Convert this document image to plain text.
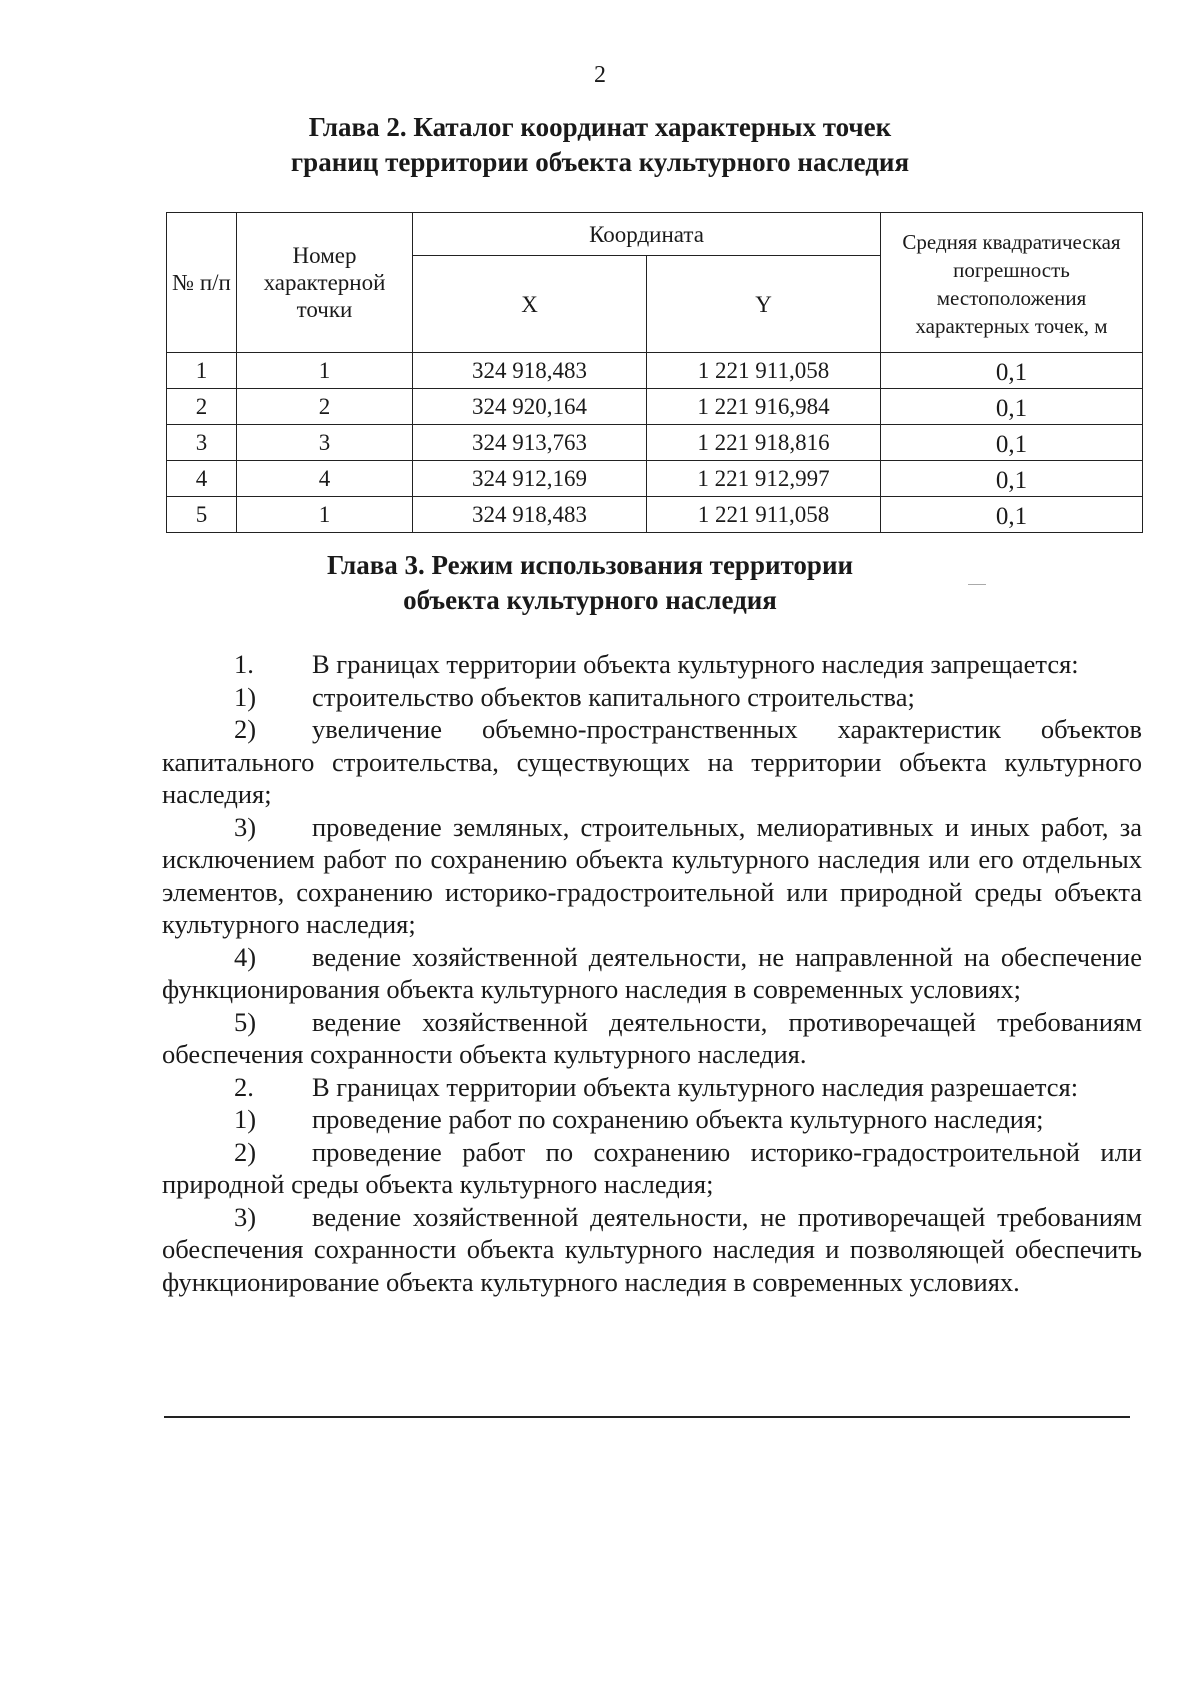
2
Глава 2. Каталог координат характерных точек
границ территории объекта культурного наследия
№ п/п	Номер характерной точки	Координата		Средняя квадратическая погрешность местоположения характерных точек, м
		X	Y	
1	1	324 918,483	1 221 911,058	0,1
2	2	324 920,164	1 221 916,984	0,1
3	3	324 913,763	1 221 918,816	0,1
4	4	324 912,169	1 221 912,997	0,1
5	1	324 918,483	1 221 911,058	0,1
Глава 3. Режим использования территории
объекта культурного наследия

1. В границах территории объекта культурного наследия запрещается:

1) строительство объектов капитального строительства;

2) увеличение объемно-пространственных характеристик объектов капитального строительства, существующих на территории объекта культурного наследия;

3) проведение земляных, строительных, мелиоративных и иных работ, за исключением работ по сохранению объекта культурного наследия или его отдельных элементов, сохранению историко-градостроительной или природной среды объекта культурного наследия;

4) ведение хозяйственной деятельности, не направленной на обеспечение функционирования объекта культурного наследия в современных условиях;

5) ведение хозяйственной деятельности, противоречащей требованиям обеспечения сохранности объекта культурного наследия.

2. В границах территории объекта культурного наследия разрешается:

1) проведение работ по сохранению объекта культурного наследия;

2) проведение работ по сохранению историко-градостроительной или природной среды объекта культурного наследия;

3) ведение хозяйственной деятельности, не противоречащей требованиям обеспечения сохранности объекта культурного наследия и позволяющей обеспечить функционирование объекта культурного наследия в современных условиях.
